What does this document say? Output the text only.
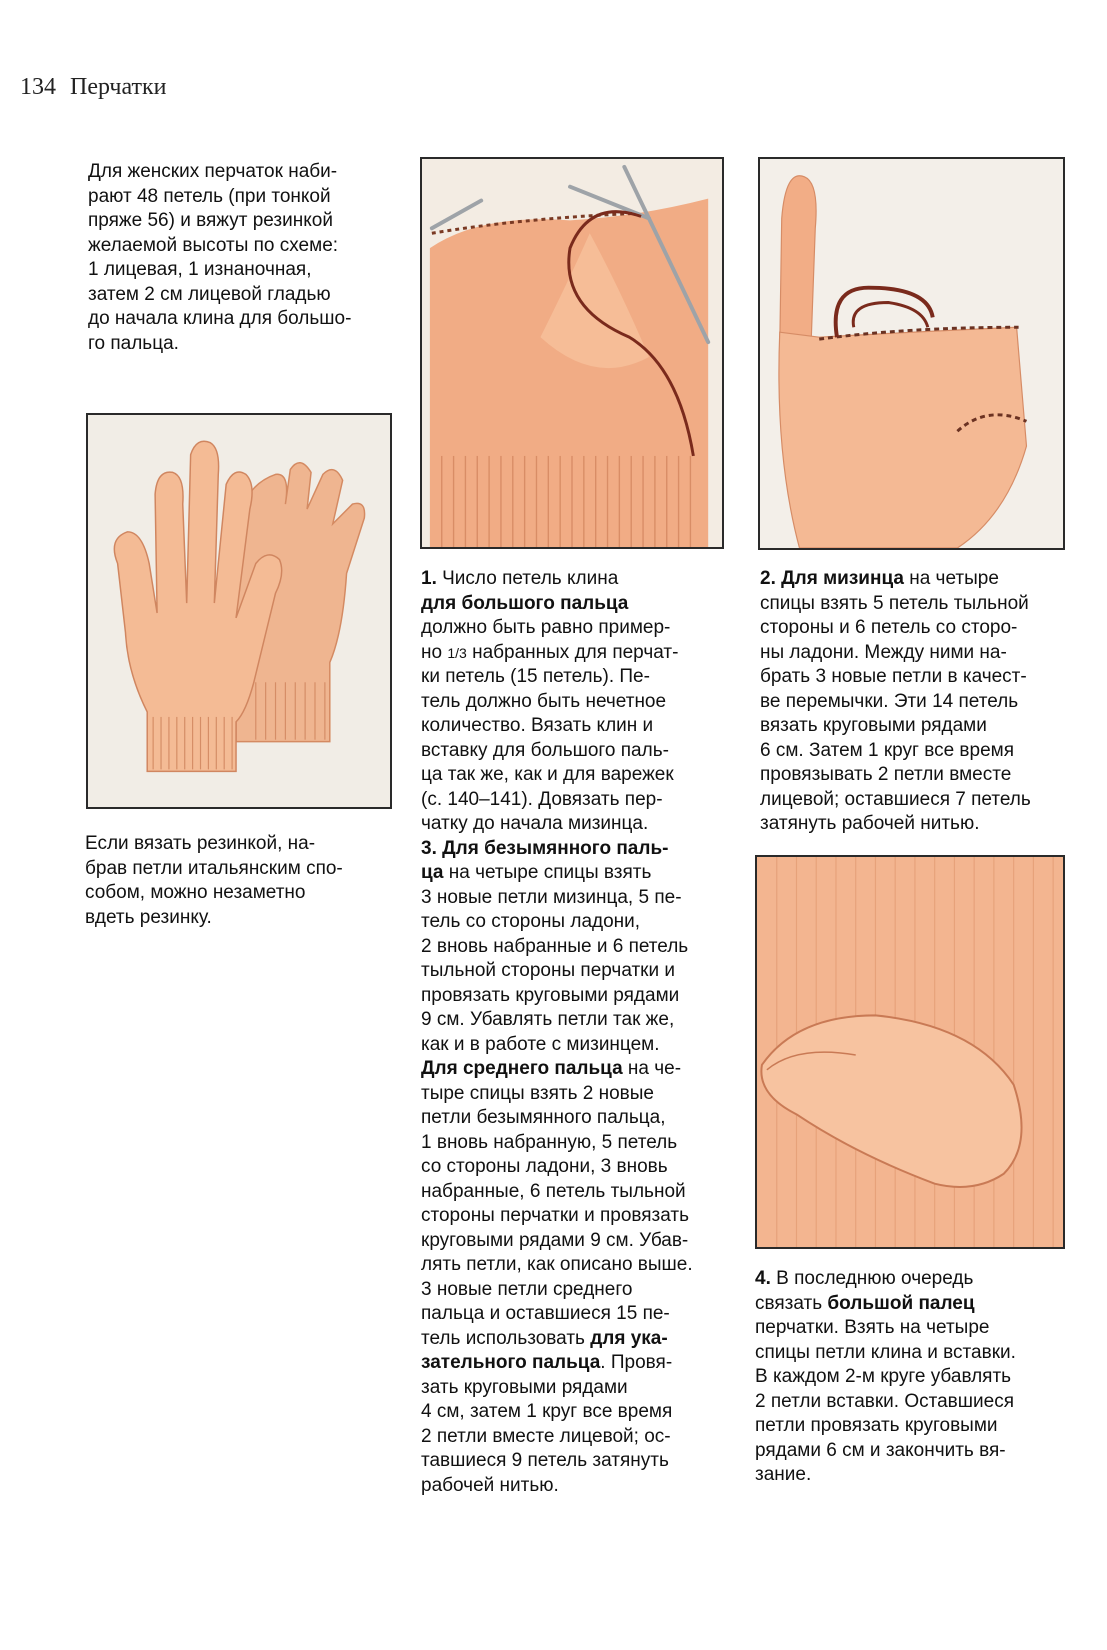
134 Перчатки

Для женских перчаток наби-
рают 48 петель (при тонкой
пряже 56) и вяжут резинкой
желаемой высоты по схеме:
1 лицевая, 1 изнаночная,
затем 2 см лицевой гладью
до начала клина для большо-
го пальца.

Если вязать резинкой, на-
брав петли итальянским спо-
собом, можно незаметно
вдеть резинку.

1. Число петель клина
для большого пальца
должно быть равно пример-
но 1/3 набранных для перчат-
ки петель (15 петель). Пе-
тель должно быть нечетное
количество. Вязать клин и
вставку для большого паль-
ца так же, как и для варежек
(с. 140–141). Довязать пер-
чатку до начала мизинца.
3. Для безымянного паль-
ца на четыре спицы взять
3 новые петли мизинца, 5 пе-
тель со стороны ладони,
2 вновь набранные и 6 петель
тыльной стороны перчатки и
провязать круговыми рядами
9 см. Убавлять петли так же,
как и в работе с мизинцем.
Для среднего пальца на че-
тыре спицы взять 2 новые
петли безымянного пальца,
1 вновь набранную, 5 петель
со стороны ладони, 3 вновь
набранные, 6 петель тыльной
стороны перчатки и провязать
круговыми рядами 9 см. Убав-
лять петли, как описано выше.
3 новые петли среднего
пальца и оставшиеся 15 пе-
тель использовать для ука-
зательного пальца. Провя-
зать круговыми рядами
4 см, затем 1 круг все время
2 петли вместе лицевой; ос-
тавшиеся 9 петель затянуть
рабочей нитью.
2. Для мизинца на четыре
спицы взять 5 петель тыльной
стороны и 6 петель со сторо-
ны ладони. Между ними на-
брать 3 новые петли в качест-
ве перемычки. Эти 14 петель
вязать круговыми рядами
6 см. Затем 1 круг все время
провязывать 2 петли вместе
лицевой; оставшиеся 7 петель
затянуть рабочей нитью.
4. В последнюю очередь
связать большой палец
перчатки. Взять на четыре
спицы петли клина и вставки.
В каждом 2-м круге убавлять
2 петли вставки. Оставшиеся
петли провязать круговыми
рядами 6 см и закончить вя-
зание.
